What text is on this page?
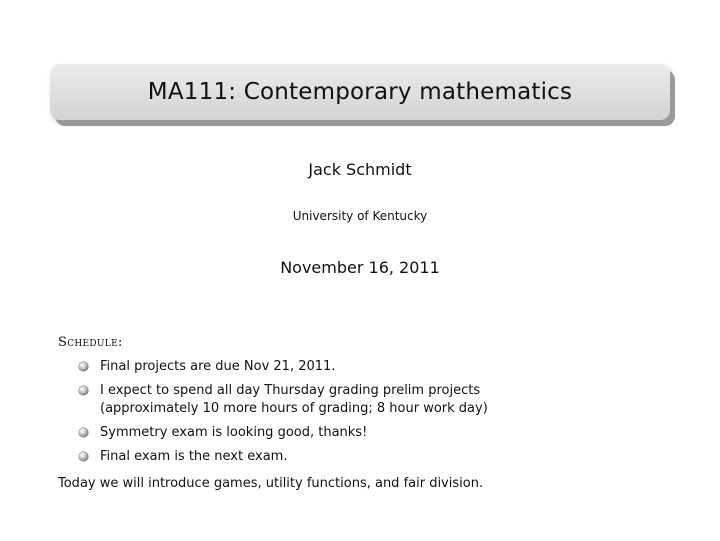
MA111: Contemporary mathematics
Jack Schmidt
University of Kentucky
November 16, 2011
Schedule:
Final projects are due Nov 21, 2011.
I expect to spend all day Thursday grading prelim projects
(approximately 10 more hours of grading; 8 hour work day)
Symmetry exam is looking good, thanks!
Final exam is the next exam.
Today we will introduce games, utility functions, and fair division.
